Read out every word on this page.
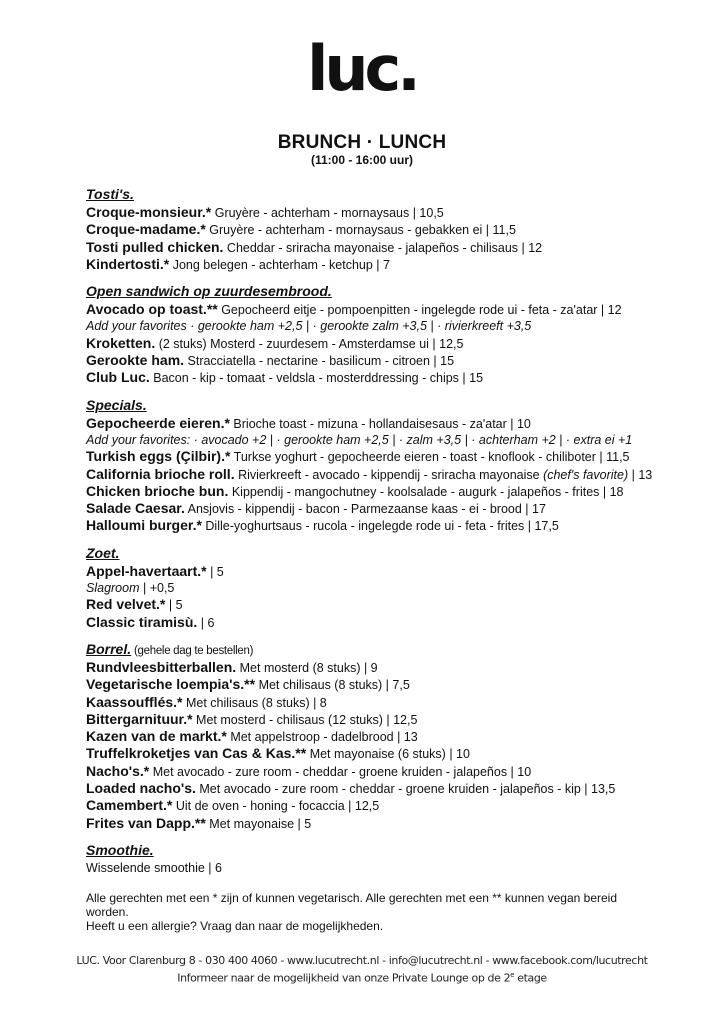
luc.
BRUNCH · LUNCH
(11:00 - 16:00 uur)
Tosti's.
Croque-monsieur.* Gruyère - achterham - mornaysaus | 10,5
Croque-madame.* Gruyère - achterham - mornaysaus - gebakken ei | 11,5
Tosti pulled chicken. Cheddar - sriracha mayonaise - jalapeños - chilisaus | 12
Kindertosti.* Jong belegen - achterham - ketchup | 7
Open sandwich op zuurdesembrood.
Avocado op toast.** Gepocheerd eitje - pompoenpitten - ingelegde rode ui - feta - za'atar | 12
Add your favorites · gerookte ham +2,5 | · gerookte zalm +3,5 | · rivierkreeft +3,5
Kroketten. (2 stuks) Mosterd - zuurdesem - Amsterdamse ui | 12,5
Gerookte ham. Stracciatella - nectarine - basilicum - citroen | 15
Club Luc. Bacon - kip - tomaat - veldsla - mosterddressing - chips | 15
Specials.
Gepocheerde eieren.* Brioche toast - mizuna - hollandaisesaus - za'atar | 10
Add your favorites: · avocado +2 | · gerookte ham +2,5 | · zalm +3,5 | · achterham +2 | · extra ei +1
Turkish eggs (Çilbir).* Turkse yoghurt - gepocheerde eieren - toast - knoflook - chiliboter | 11,5
California brioche roll. Rivierkreeft - avocado - kippendij - sriracha mayonaise (chef's favorite) | 13
Chicken brioche bun. Kippendij - mangochutney - koolsalade - augurk - jalapeños - frites | 18
Salade Caesar. Ansjovis - kippendij - bacon - Parmezaanse kaas - ei - brood | 17
Halloumi burger.* Dille-yoghurtsaus - rucola - ingelegde rode ui - feta - frites | 17,5
Zoet.
Appel-havertaart.* | 5
Slagroom | +0,5
Red velvet.* | 5
Classic tiramisù. | 6
Borrel. (gehele dag te bestellen)
Rundvleesbitterballen. Met mosterd (8 stuks) | 9
Vegetarische loempia's.** Met chilisaus (8 stuks) | 7,5
Kaassoufflés.* Met chilisaus (8 stuks) | 8
Bittergarnituur.* Met mosterd - chilisaus (12 stuks) | 12,5
Kazen van de markt.* Met appelstroop - dadelbrood | 13
Truffelkroketjes van Cas & Kas.** Met mayonaise (6 stuks) | 10
Nacho's.* Met avocado - zure room - cheddar - groene kruiden - jalapeños | 10
Loaded nacho's. Met avocado - zure room - cheddar - groene kruiden - jalapeños - kip | 13,5
Camembert.* Uit de oven - honing - focaccia | 12,5
Frites van Dapp.** Met mayonaise | 5
Smoothie.
Wisselende smoothie | 6
Alle gerechten met een * zijn of kunnen vegetarisch. Alle gerechten met een ** kunnen vegan bereid worden.
Heeft u een allergie? Vraag dan naar de mogelijkheden.
LUC. Voor Clarenburg 8 - 030 400 4060 - www.lucutrecht.nl - info@lucutrecht.nl - www.facebook.com/lucutrecht
Informeer naar de mogelijkheid van onze Private Lounge op de 2e etage
